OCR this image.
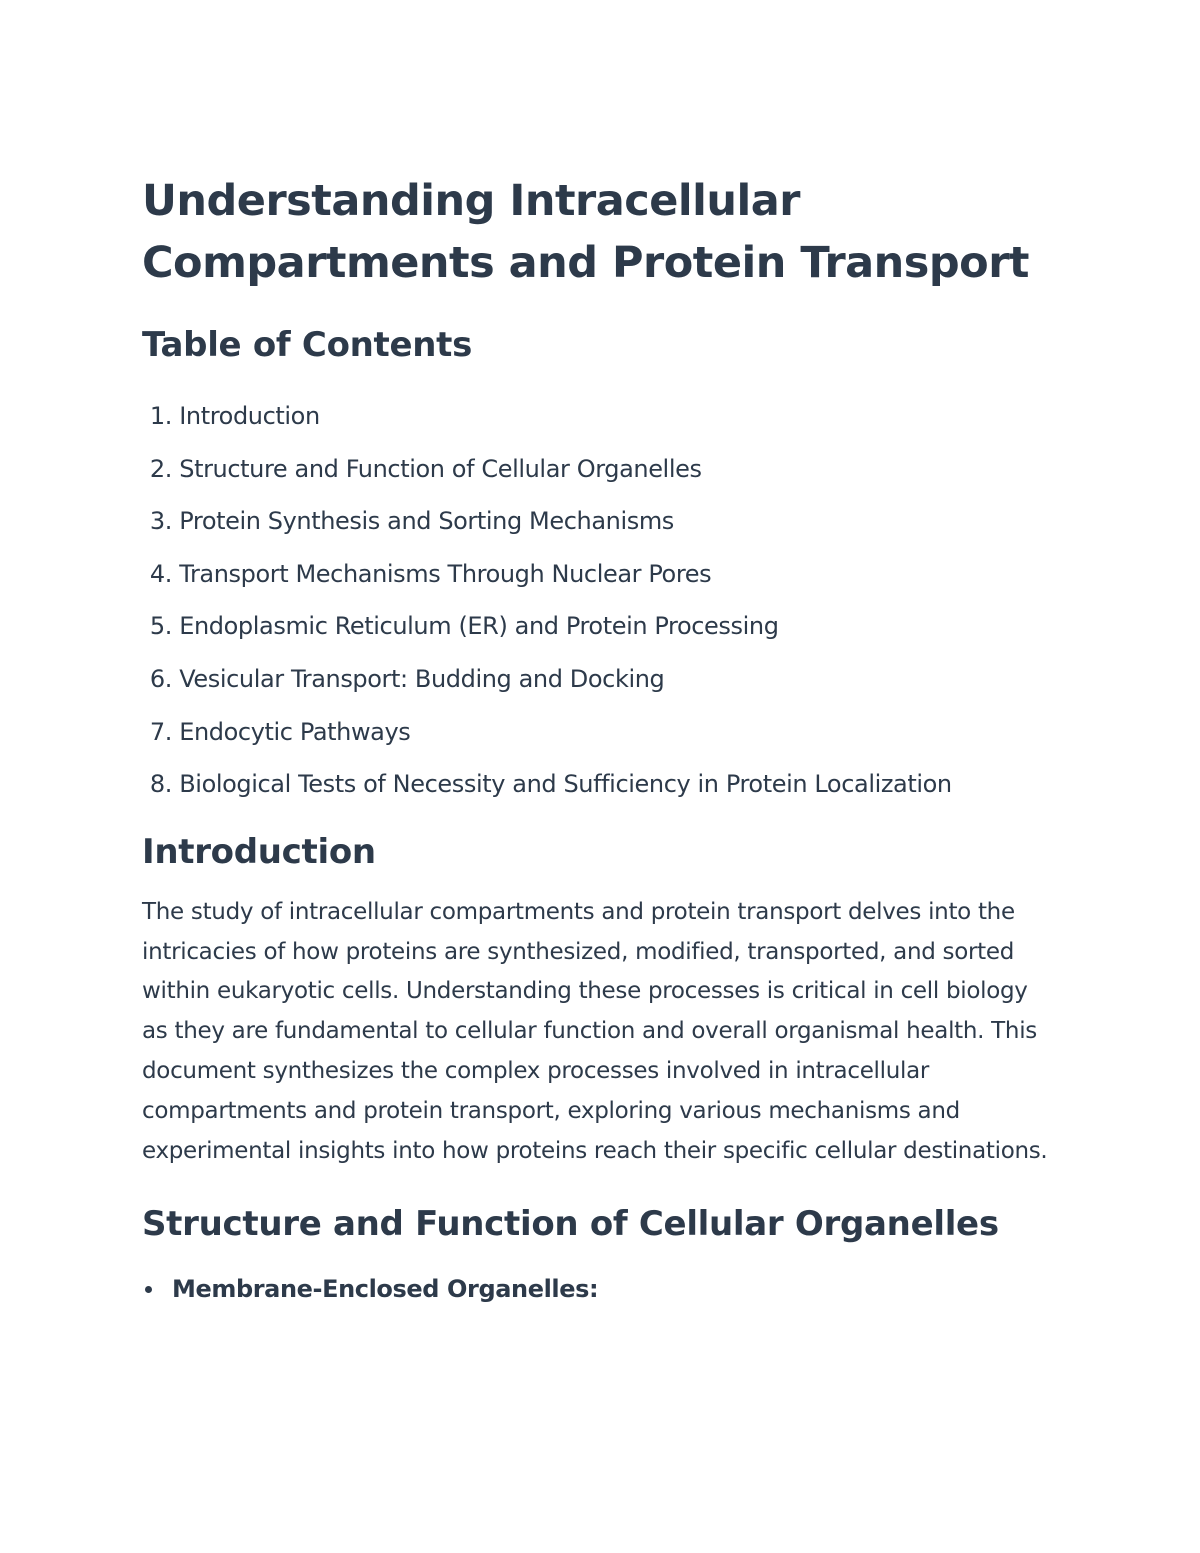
Understanding Intracellular
Compartments and Protein Transport
Table of Contents
1. Introduction
2. Structure and Function of Cellular Organelles
3. Protein Synthesis and Sorting Mechanisms
4. Transport Mechanisms Through Nuclear Pores
5. Endoplasmic Reticulum (ER) and Protein Processing
6. Vesicular Transport: Budding and Docking
7. Endocytic Pathways
8. Biological Tests of Necessity and Sufficiency in Protein Localization
Introduction

The study of intracellular compartments and protein transport delves into the intricacies of how proteins are synthesized, modified, transported, and sorted within eukaryotic cells. Understanding these processes is critical in cell biology as they are fundamental to cellular function and overall organismal health. This document synthesizes the complex processes involved in intracellular compartments and protein transport, exploring various mechanisms and experimental insights into how proteins reach their specific cellular destinations.

Structure and Function of Cellular Organelles
Membrane-Enclosed Organelles:
